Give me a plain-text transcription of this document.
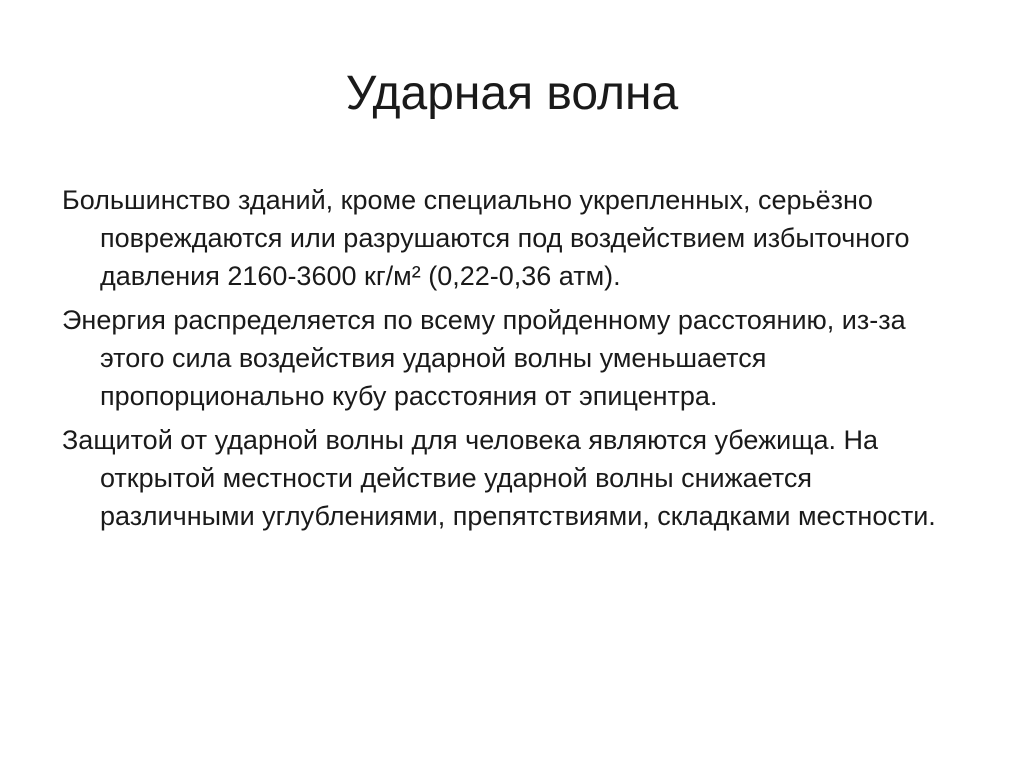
Ударная волна

Большинство зданий, кроме специально укрепленных, серьёзно повреждаются или разрушаются под воздействием избыточного давления 2160-3600 кг/м² (0,22-0,36 атм).

Энергия распределяется по всему пройденному расстоянию, из-за этого сила воздействия ударной волны уменьшается пропорционально кубу расстояния от эпицентра.

Защитой от ударной волны для человека являются убежища. На открытой местности действие ударной волны снижается различными углублениями, препятствиями, складками местности.
